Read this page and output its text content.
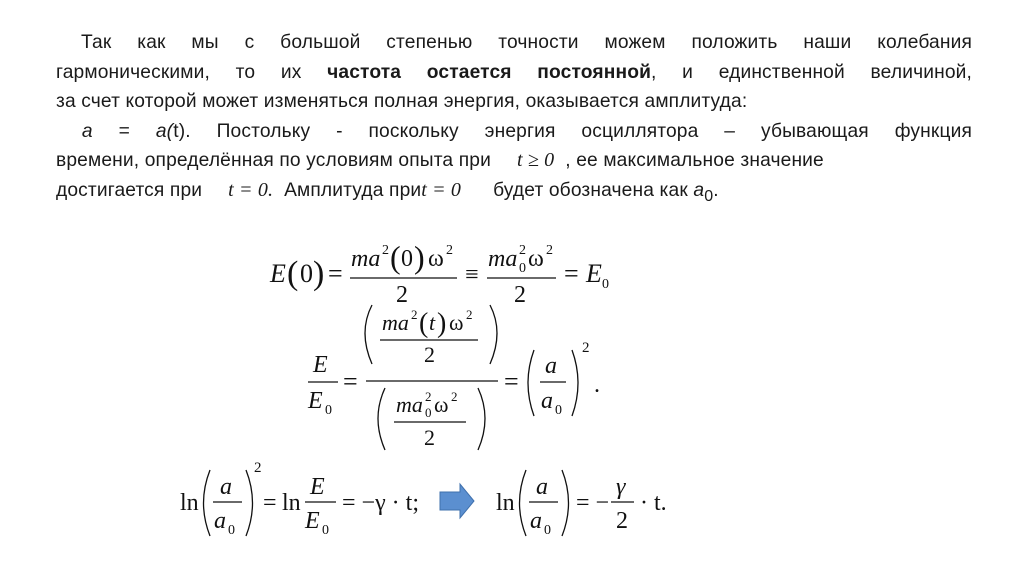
Так как мы с большой степенью точности можем положить наши колебания
гармоническими, то их частота остается постоянной, и единственной величиной,
за счет которой может изменяться полная энергия, оказывается амплитуда:
a = a(t). Постольку - поскольку энергия осциллятора – убывающая функция
времени, определённая по условиям опыта при t ≥ 0 , ее максимальное значение
достигается при t = 0. Амплитуда приt = 0 будет обозначена как $a_0$.
E ( 0 ) = ma 2 ( 0 ) ω 2
2
≡
ma 2
0 ω 2
2
= E 0
E
E 0
=
ma 2 ( t ) ω 2
2
ma 2
0 ω 2
2
=
a
a 0
2
.
ln
a
a 0
2
= ln
E
E 0
= −γ · t;	ln
a
a 0
= −
γ
2
· t.
